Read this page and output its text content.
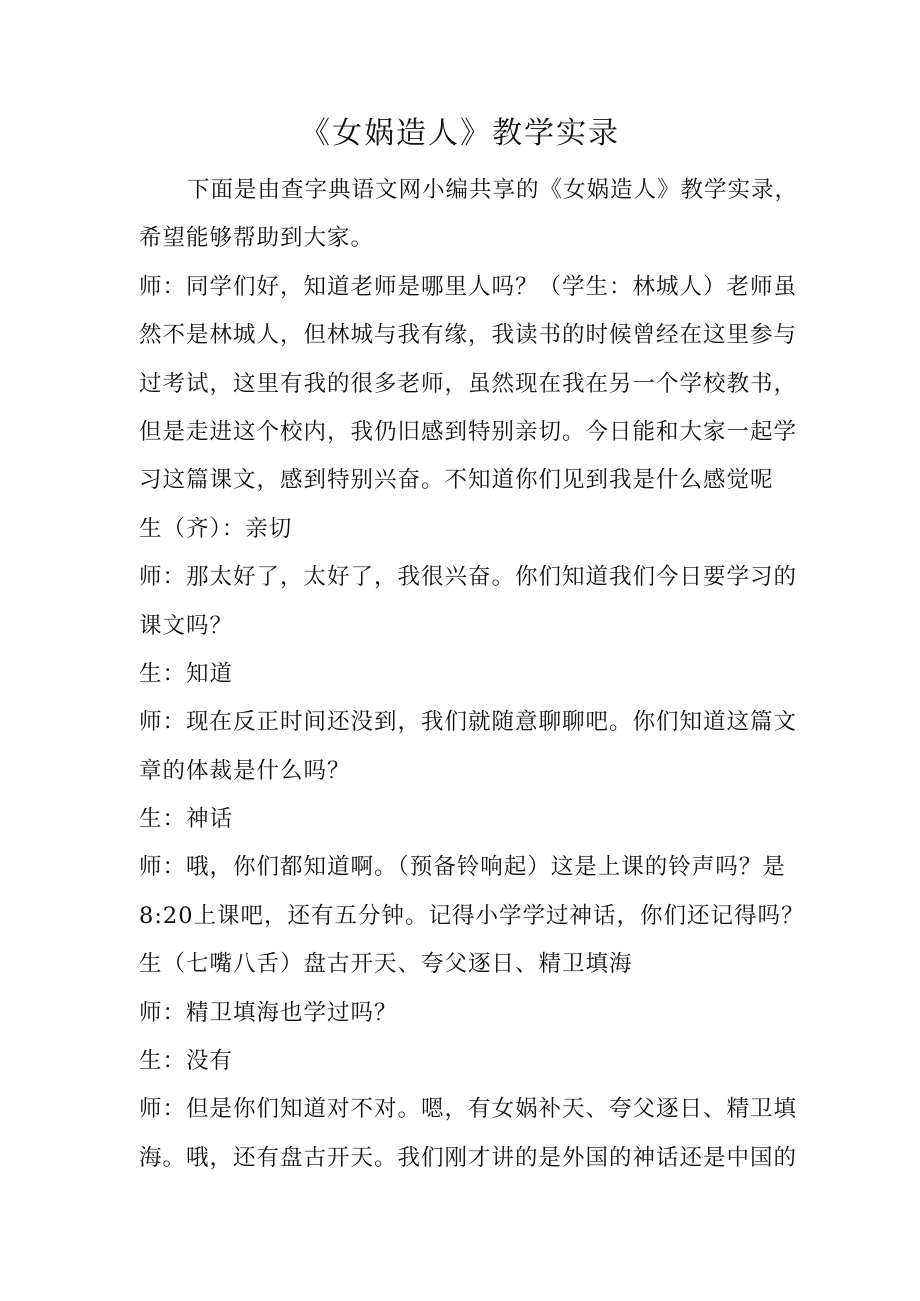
《女娲造人》教学实录
下面是由查字典语文网小编共享的《女娲造人》教学实录，
希望能够帮助到大家。
师：同学们好，知道老师是哪里人吗？（学生：林城人）老师虽
然不是林城人，但林城与我有缘，我读书的时候曾经在这里参与
过考试，这里有我的很多老师，虽然现在我在另一个学校教书，
但是走进这个校内，我仍旧感到特别亲切。今日能和大家一起学
习这篇课文，感到特别兴奋。不知道你们见到我是什么感觉呢
生（齐）：亲切
师：那太好了，太好了，我很兴奋。你们知道我们今日要学习的
课文吗？
生：知道
师：现在反正时间还没到，我们就随意聊聊吧。你们知道这篇文
章的体裁是什么吗？
生：神话
师：哦，你们都知道啊。（预备铃响起）这是上课的铃声吗？是
8:20上课吧，还有五分钟。记得小学学过神话，你们还记得吗？
生（七嘴八舌）盘古开天、夸父逐日、精卫填海
师：精卫填海也学过吗？
生：没有
师：但是你们知道对不对。嗯，有女娲补天、夸父逐日、精卫填
海。哦，还有盘古开天。我们刚才讲的是外国的神话还是中国的
